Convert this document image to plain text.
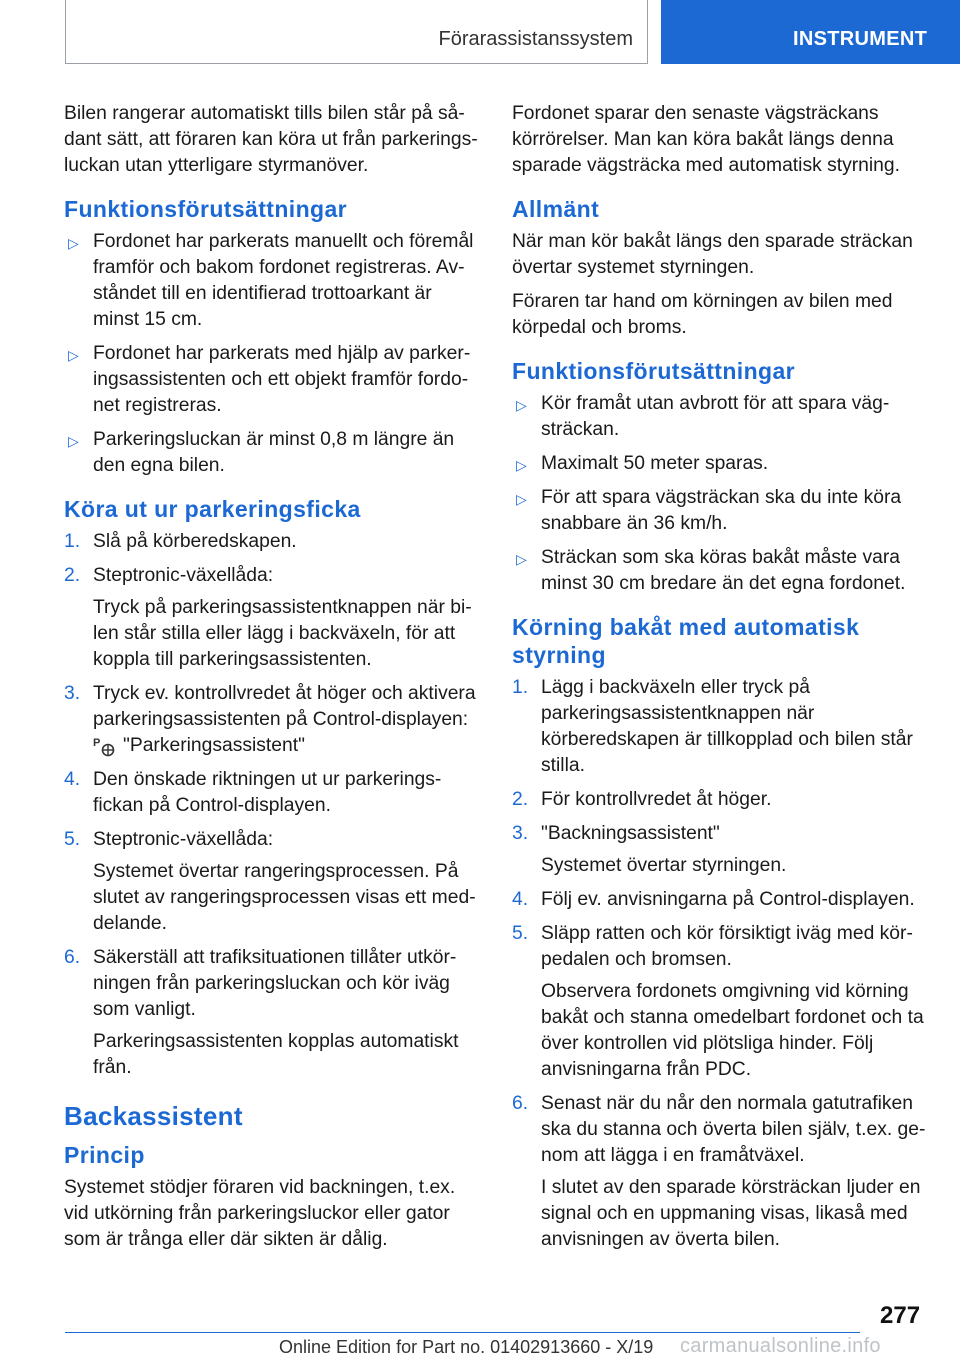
Förarassistanssystem	INSTRUMENT

Bilen rangerar automatiskt tills bilen står på sådant sätt, att föraren kan köra ut från parkeringsluckan utan ytterligare styrmanöver.

Funktionsförutsättningar
▷ Fordonet har parkerats manuellt och föremål framför och bakom fordonet registreras. Avståndet till en identifierad trottoarkant är minst 15 cm.
▷ Fordonet har parkerats med hjälp av parkeringsassistenten och ett objekt framför fordonet registreras.
▷ Parkeringsluckan är minst 0,8 m längre än den egna bilen.
Köra ut ur parkeringsficka
1. Slå på körberedskapen.
2. Steptronic-växellåda:
Tryck på parkeringsassistentknappen när bilen står stilla eller lägg i backväxeln, för att koppla till parkeringsassistenten.
3. Tryck ev. kontrollvredet åt höger och aktivera parkeringsassistenten på Control-displayen:
P "Parkeringsassistent"
4. Den önskade riktningen ut ur parkeringsfickan på Control-displayen.
5. Steptronic-växellåda:
Systemet övertar rangeringsprocessen. På slutet av rangeringsprocessen visas ett meddelande.
6. Säkerställ att trafiksituationen tillåter utkörningen från parkeringsluckan och kör iväg som vanligt.
Parkeringsassistenten kopplas automatiskt från.
Backassistent
Princip

Systemet stödjer föraren vid backningen, t.ex. vid utkörning från parkeringsluckor eller gator som är trånga eller där sikten är dålig.

Fordonet sparar den senaste vägsträckans körrörelser. Man kan köra bakåt längs denna sparade vägsträcka med automatisk styrning.

Allmänt

När man kör bakåt längs den sparade sträckan övertar systemet styrningen.

Föraren tar hand om körningen av bilen med körpedal och broms.

Funktionsförutsättningar
▷ Kör framåt utan avbrott för att spara vägsträckan.
▷ Maximalt 50 meter sparas.
▷ För att spara vägsträckan ska du inte köra snabbare än 36 km/h.
▷ Sträckan som ska köras bakåt måste vara minst 30 cm bredare än det egna fordonet.
Körning bakåt med automatisk styrning
1. Lägg i backväxeln eller tryck på parkeringsassistentknappen när körberedskapen är tillkopplad och bilen står stilla.
2. För kontrollvredet åt höger.
3. "Backningsassistent"
Systemet övertar styrningen.
4. Följ ev. anvisningarna på Control-displayen.
5. Släpp ratten och kör försiktigt iväg med körpedalen och bromsen.
Observera fordonets omgivning vid körning bakåt och stanna omedelbart fordonet och ta över kontrollen vid plötsliga hinder. Följ anvisningarna från PDC.
6. Senast när du når den normala gatutrafiken ska du stanna och överta bilen själv, t.ex. genom att lägga i en framåtväxel.
I slutet av den sparade körsträckan ljuder en signal och en uppmaning visas, likaså med anvisningen av överta bilen.
277
Online Edition for Part no. 01402913660 - X/19 carmanualsonline.info
